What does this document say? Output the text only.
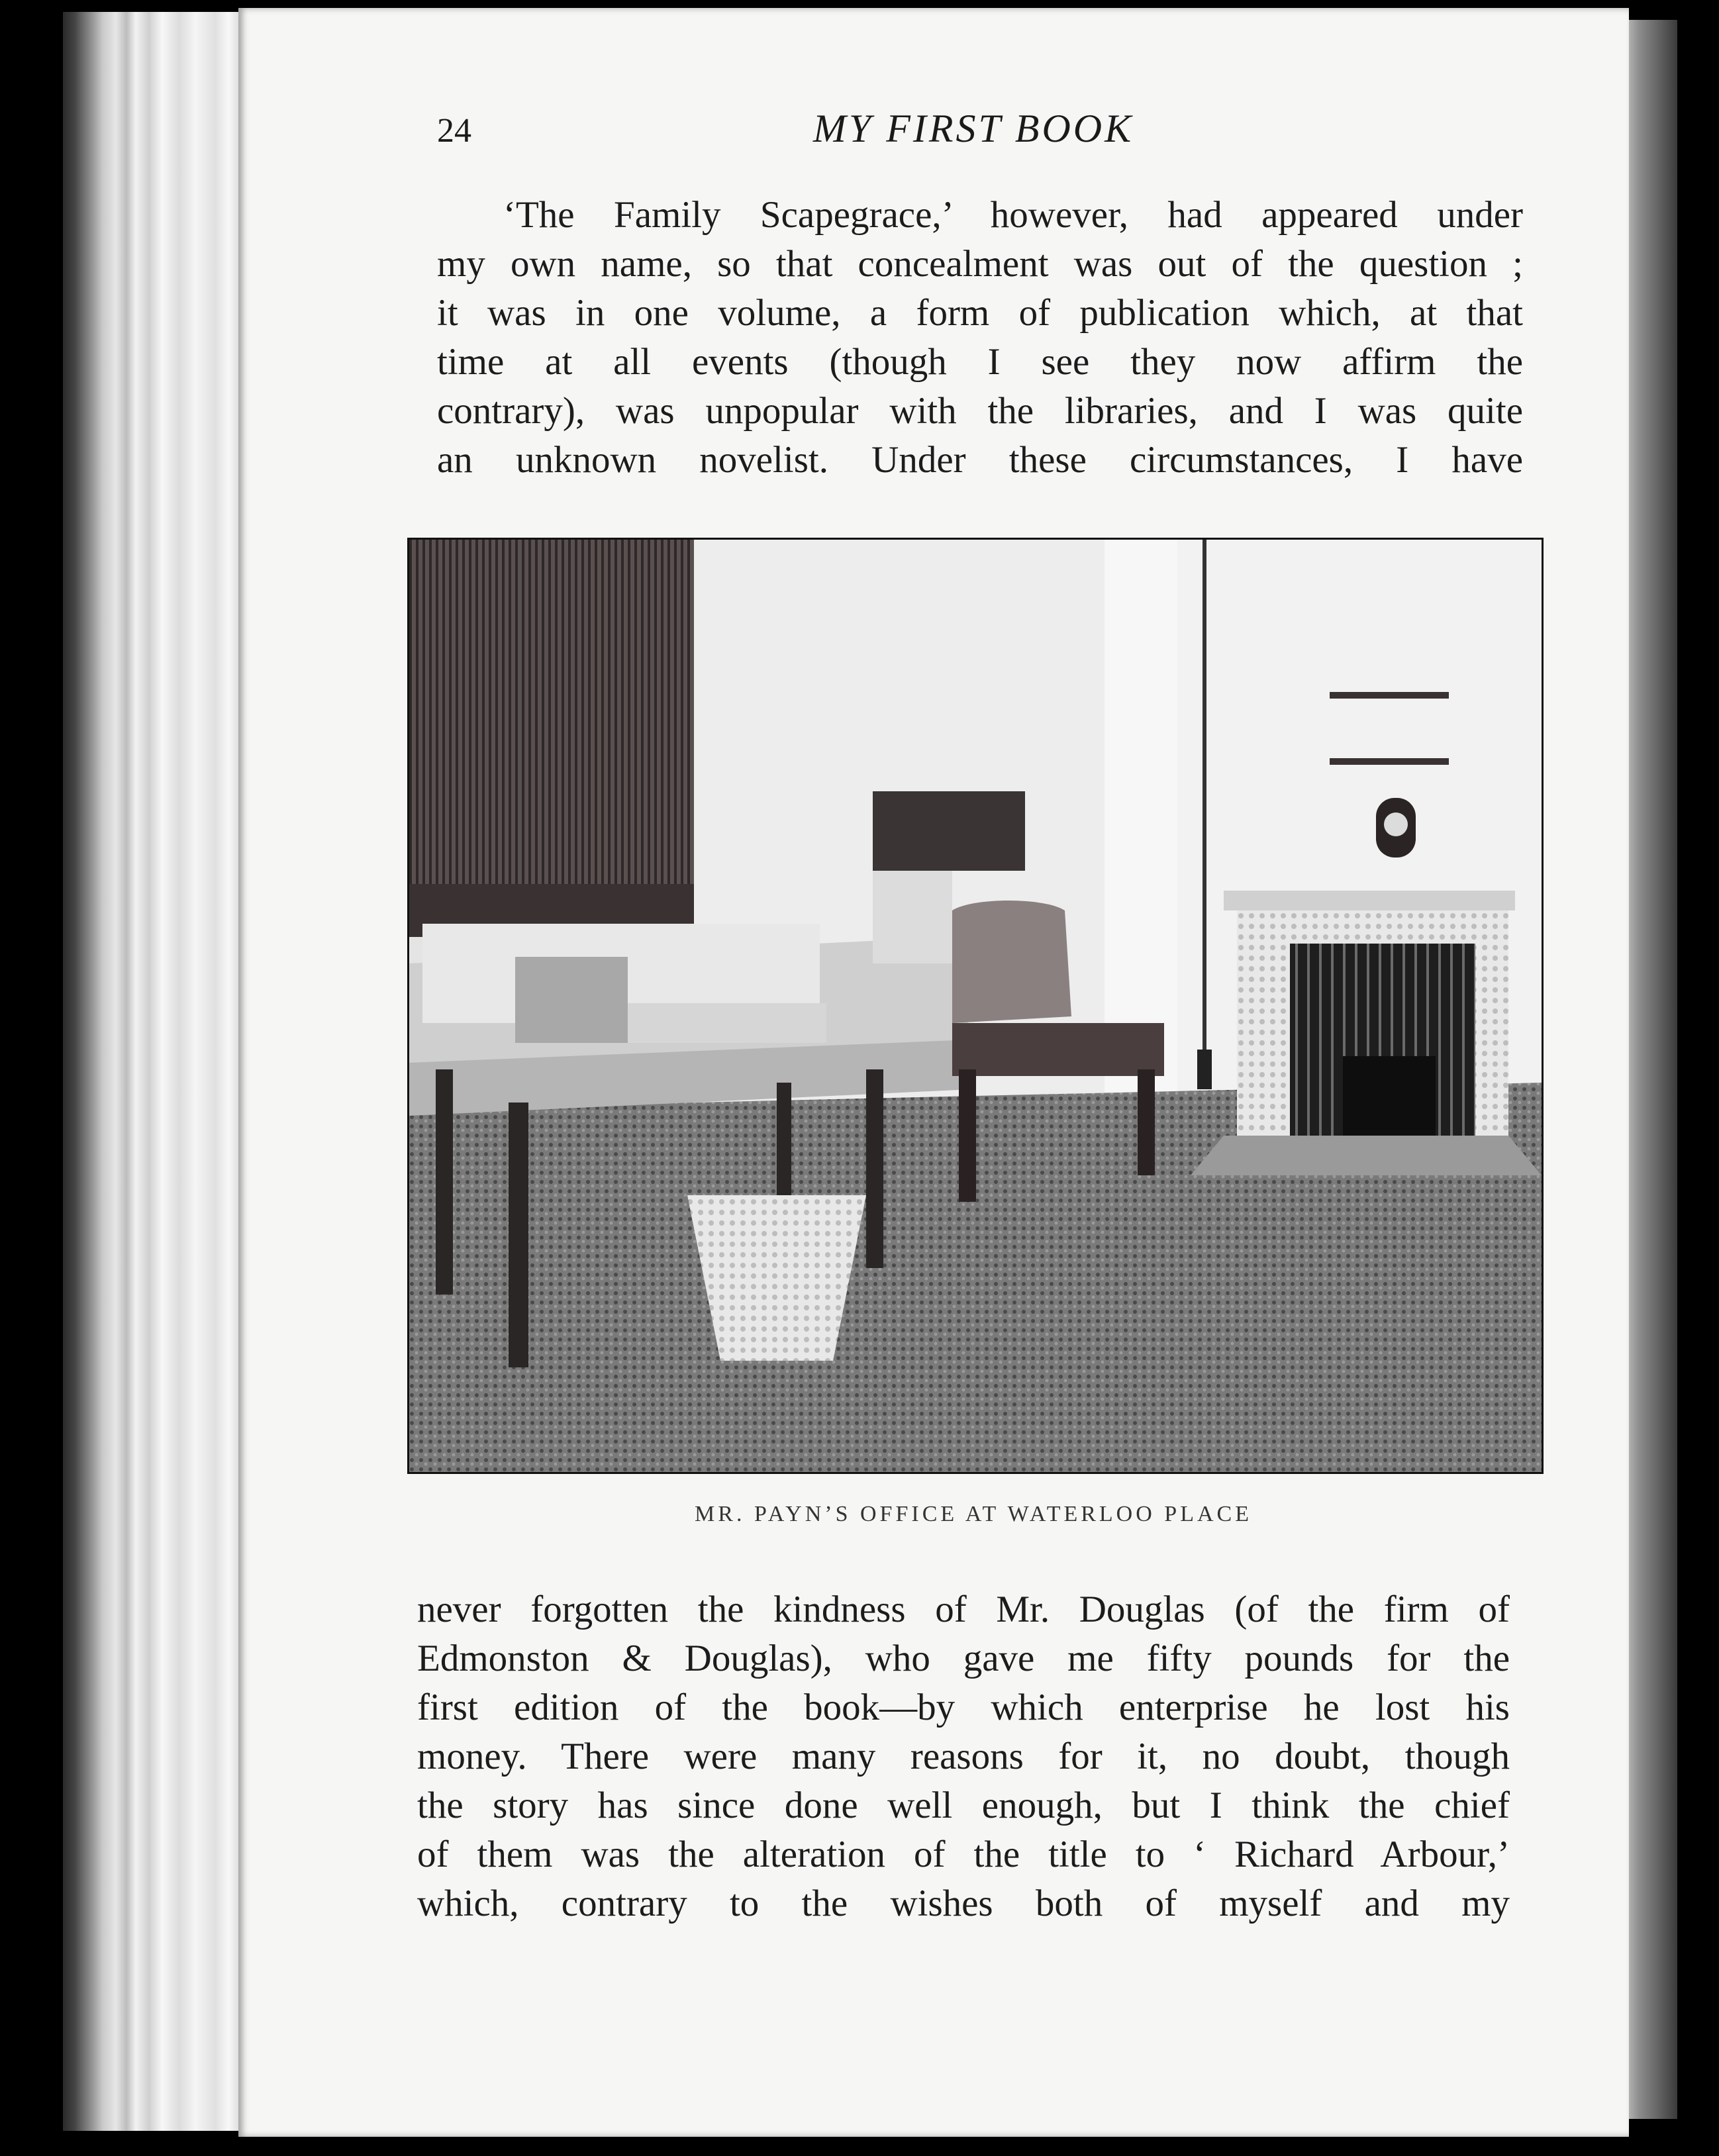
24	MY FIRST BOOK

‘The Family Scapegrace,’ however, had appeared under
my own name, so that concealment was out of the question ;
it was in one volume, a form of publication which, at that
time at all events (though I see they now affirm the
contrary), was unpopular with the libraries, and I was quite
an unknown novelist. Under these circumstances, I have

MR. PAYN’S OFFICE AT WATERLOO PLACE

never forgotten the kindness of Mr. Douglas (of the firm of
Edmonston & Douglas), who gave me fifty pounds for the
first edition of the book—by which enterprise he lost his
money. There were many reasons for it, no doubt, though
the story has since done well enough, but I think the chief
of them was the alteration of the title to ‘ Richard Arbour,’
which, contrary to the wishes both of myself and my
